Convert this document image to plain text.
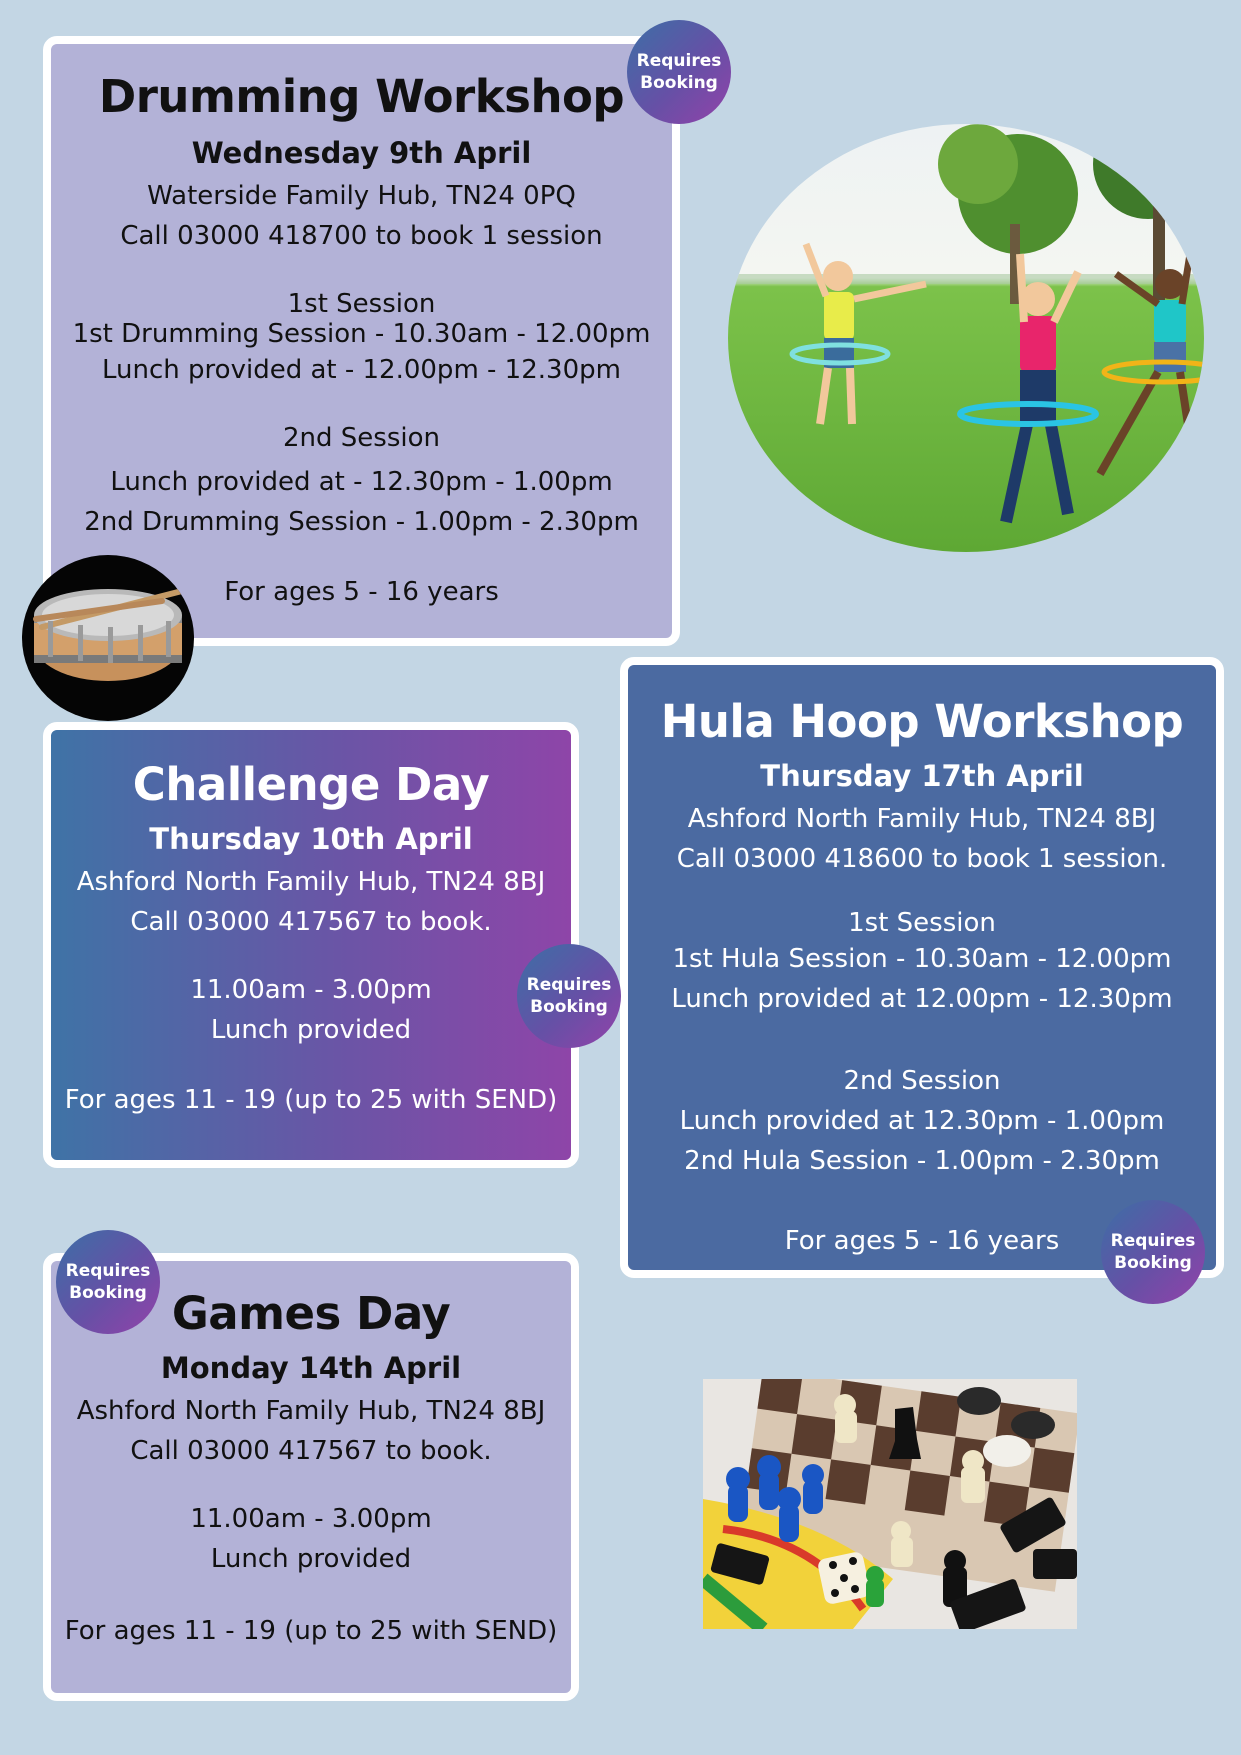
Drumming Workshop
Wednesday 9th April
Waterside Family Hub, TN24 0PQ
Call 03000 418700 to book 1 session
1st Session
1st Drumming Session - 10.30am - 12.00pm
Lunch provided at - 12.00pm - 12.30pm
2nd Session
Lunch provided at - 12.30pm - 1.00pm
2nd Drumming Session - 1.00pm - 2.30pm
For ages 5 - 16 years
Requires
Booking
Challenge Day
Thursday 10th April
Ashford North Family Hub, TN24 8BJ
Call 03000 417567 to book.
11.00am - 3.00pm
Lunch provided
For ages 11 - 19 (up to 25 with SEND)
Requires
Booking
Hula Hoop Workshop
Thursday 17th April
Ashford North Family Hub, TN24 8BJ
Call 03000 418600 to book 1 session.
1st Session
1st Hula Session - 10.30am - 12.00pm
Lunch provided at 12.00pm - 12.30pm
2nd Session
Lunch provided at 12.30pm - 1.00pm
2nd Hula Session - 1.00pm - 2.30pm
For ages 5 - 16 years	Requires
Booking
Games Day
Monday 14th April
Ashford North Family Hub, TN24 8BJ
Call 03000 417567 to book.
11.00am - 3.00pm
Lunch provided
For ages 11 - 19 (up to 25 with SEND)
Requires
Booking
